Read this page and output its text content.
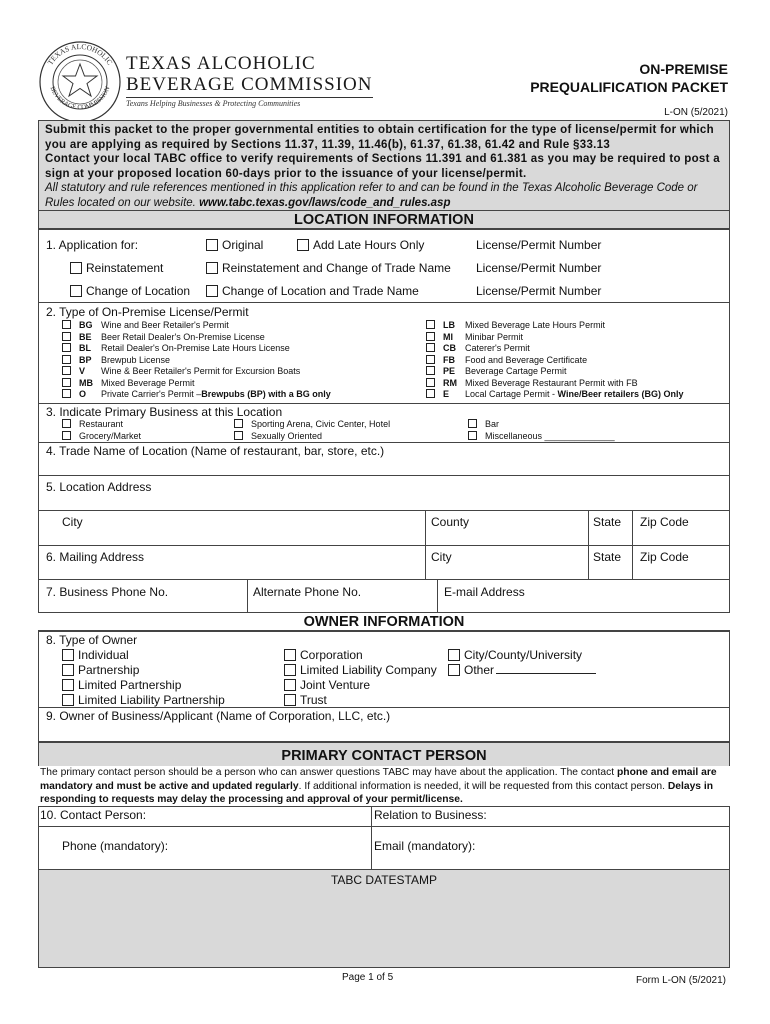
TEXAS ALCOHOLIC
BEVERAGE COMMISSION
TEXAS ALCOHOLIC
BEVERAGE COMMISSION
Texans Helping Businesses & Protecting Communities
ON-PREMISE
PREQUALIFICATION PACKET
L-ON (5/2021)
Submit this packet to the proper governmental entities to obtain certification for the type of license/permit for which you are applying as required by Sections 11.37, 11.39, 11.46(b), 61.37, 61.38, 61.42 and Rule §33.13
Contact your local TABC office to verify requirements of Sections 11.391 and 61.381 as you may be required to post a sign at your proposed location 60-days prior to the issuance of your license/permit.
All statutory and rule references mentioned in this application refer to and can be found in the Texas Alcoholic Beverage Code or Rules located on our website. www.tabc.texas.gov/laws/code_and_rules.asp
LOCATION INFORMATION
1. Application for:	Original	Add Late Hours Only	License/Permit Number
Reinstatement	Reinstatement and Change of Trade Name License/Permit Number
Change of Location	Change of Location and Trade Name	License/Permit Number
2. Type of On-Premise License/Permit
BG Wine and Beer Retailer's Permit
BE Beer Retail Dealer's On-Premise License
BL Retail Dealer's On-Premise Late Hours License
BP Brewpub License
V Wine & Beer Retailer's Permit for Excursion Boats
MB Mixed Beverage Permit
O Private Carrier's Permit –Brewpubs (BP) with a BG only
LB Mixed Beverage Late Hours Permit
MI Minibar Permit
CB Caterer's Permit
FB Food and Beverage Certificate
PE Beverage Cartage Permit
RM Mixed Beverage Restaurant Permit with FB
E Local Cartage Permit - Wine/Beer retailers (BG) Only
3. Indicate Primary Business at this Location
Restaurant	Sporting Arena, Civic Center, Hotel	Bar
Grocery/Market	Sexually Oriented	Miscellaneous ______________
4. Trade Name of Location (Name of restaurant, bar, store, etc.)
5. Location Address
City	County	State Zip Code
6. Mailing Address	City	State Zip Code
7. Business Phone No.	Alternate Phone No.	E-mail Address
OWNER INFORMATION
8. Type of Owner
Individual
Partnership
Limited Partnership
Limited Liability Partnership
Corporation
Limited Liability Company
Joint Venture
Trust
City/County/University
Other
9. Owner of Business/Applicant (Name of Corporation, LLC, etc.)
PRIMARY CONTACT PERSON
The primary contact person should be a person who can answer questions TABC may have about the application. The contact phone and email are mandatory and must be active and updated regularly. If additional information is needed, it will be requested from this contact person. Delays in responding to requests may delay the processing and approval of your permit/license.
10. Contact Person:	Relation to Business:
Phone (mandatory):	Email (mandatory):
TABC DATESTAMP
Page 1 of 5	Form L-ON (5/2021)
